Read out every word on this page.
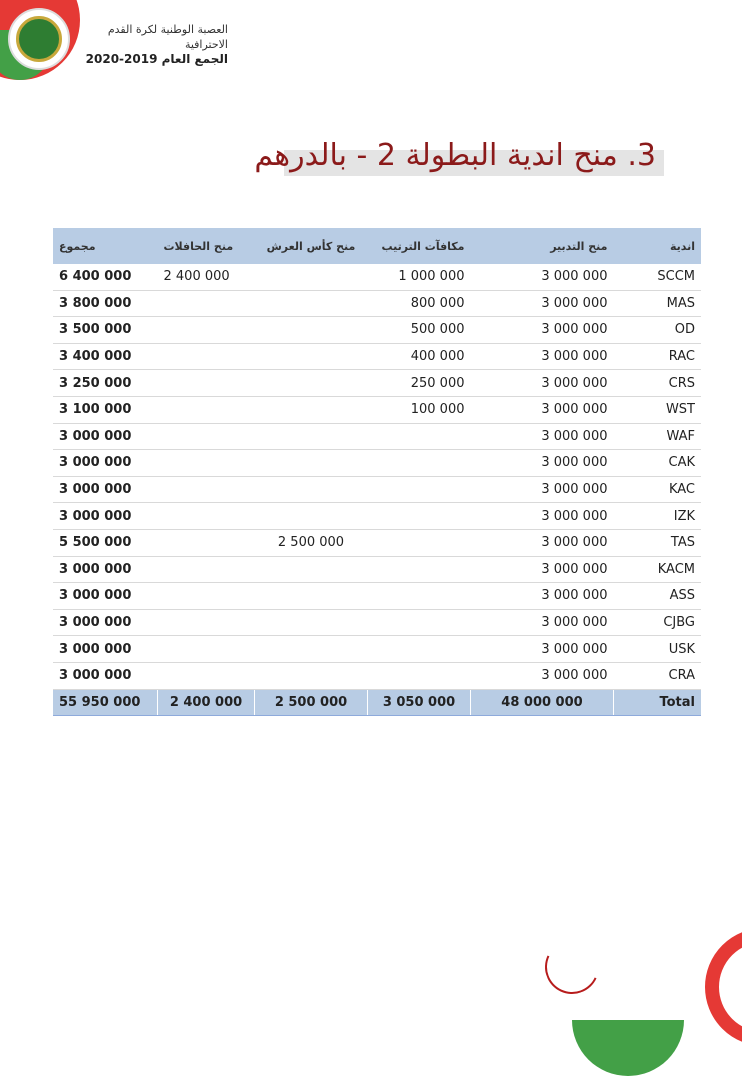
العصبة الوطنية لكرة القدم الاحترافية
الجمع العام 2019-2020
3. منح اندية البطولة 2 - بالدرهم
مجموع	منح الحافلات	منح كأس العرش	مكافآت الترتيب	منح التدبير	اندية
6 400 000	2 400 000		1 000 000	3 000 000	SCCM
3 800 000			800 000	3 000 000	MAS
3 500 000			500 000	3 000 000	OD
3 400 000			400 000	3 000 000	RAC
3 250 000			250 000	3 000 000	CRS
3 100 000			100 000	3 000 000	WST
3 000 000				3 000 000	WAF
3 000 000				3 000 000	CAK
3 000 000				3 000 000	KAC
3 000 000				3 000 000	IZK
5 500 000		2 500 000		3 000 000	TAS
3 000 000				3 000 000	KACM
3 000 000				3 000 000	ASS
3 000 000				3 000 000	CJBG
3 000 000				3 000 000	USK
3 000 000				3 000 000	CRA
55 950 000	2 400 000	2 500 000	3 050 000	48 000 000	Total
